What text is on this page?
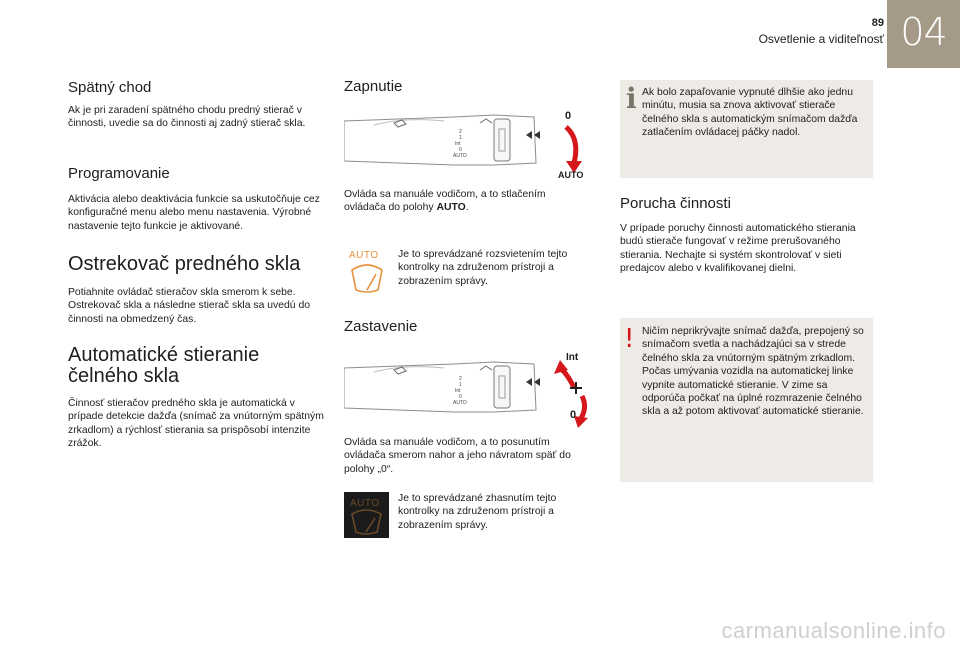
89
Osvetlenie a viditeľnosť 04
Spätný chod

Ak je pri zaradení spätného chodu predný stierač v činnosti, uvedie sa do činnosti aj zadný stierač skla.

Programovanie

Aktivácia alebo deaktivácia funkcie sa uskutočňuje cez konfiguračné menu alebo menu nastavenia. Výrobné nastavenie tejto funkcie je aktivované.

Ostrekovač predného skla

Potiahnite ovládač stieračov skla smerom k sebe. Ostrekovač skla a následne stierač skla sa uvedú do činnosti na obmedzený čas.

Automatické stieranie čelného skla

Činnosť stieračov predného skla je automatická v prípade detekcie dažďa (snímač za vnútorným spätným zrkadlom) a rýchlosť stierania sa prispôsobí intenzite zrážok.

Zapnutie
2
1
Int
0
AUTO
0
AUTO

Ovláda sa manuále vodičom, a to stlačením ovládača do polohy AUTO.

AUTO Je to sprevádzané rozsvietením tejto kontrolky na združenom prístroji a zobrazením správy.

Zastavenie
2
1
Int
0
AUTO
Int
0

Ovláda sa manuále vodičom, a to posunutím ovládača smerom nahor a jeho návratom späť do polohy „0“.

AUTO Je to sprevádzané zhasnutím tejto kontrolky na združenom prístroji a zobrazením správy.

i Ak bolo zapaľovanie vypnuté dlhšie ako jednu minútu, musia sa znova aktivovať stierače čelného skla s automatickým snímačom dažďa zatlačením ovládacej páčky nadol.

Porucha činnosti

V prípade poruchy činnosti automatického stierania budú stierače fungovať v režime prerušovaného stierania. Nechajte si systém skontrolovať v sieti predajcov alebo v kvalifikovanej dielni.

! Ničím neprikrývajte snímač dažďa, prepojený so snímačom svetla a nachádzajúci sa v strede čelného skla za vnútorným spätným zrkadlom. Počas umývania vozidla na automatickej linke vypnite automatické stieranie. V zime sa odporúča počkať na úplné rozmrazenie čelného skla a až potom aktivovať automatické stieranie.

carmanualsonline.info
